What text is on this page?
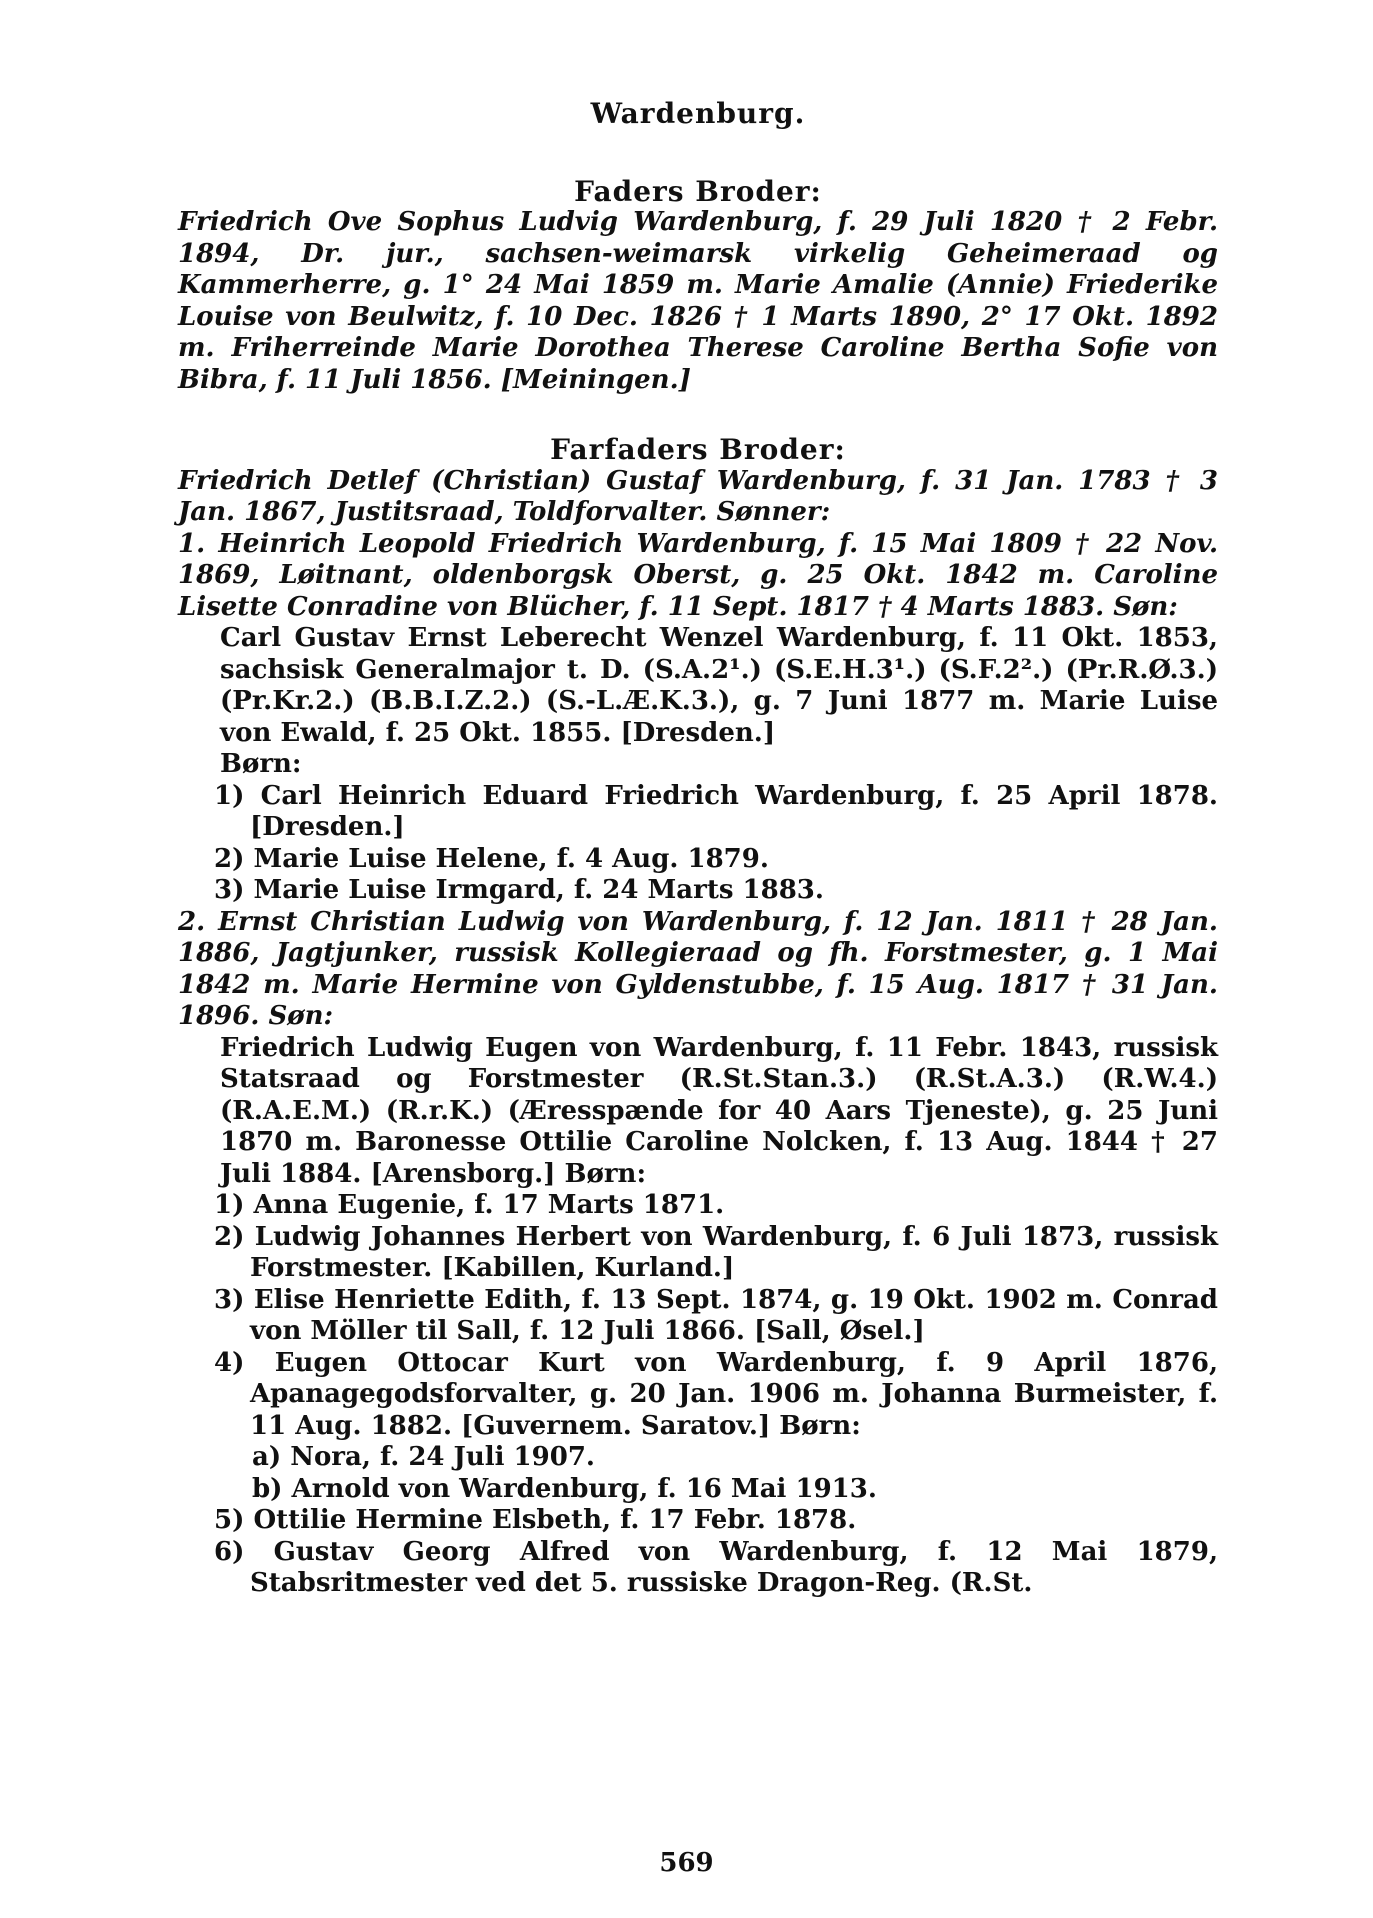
Wardenburg.
Faders Broder:

Friedrich Ove Sophus Ludvig Wardenburg, f. 29 Juli 1820 † 2 Febr. 1894, Dr. jur., sachsen-weimarsk virkelig Geheimeraad og Kammerherre, g. 1° 24 Mai 1859 m. Marie Amalie (Annie) Friederike Louise von Beulwitz, f. 10 Dec. 1826 † 1 Marts 1890, 2° 17 Okt. 1892 m. Friherreinde Marie Dorothea Therese Caroline Bertha Sofie von Bibra, f. 11 Juli 1856. [Meiningen.]

Farfaders Broder:

Friedrich Detlef (Christian) Gustaf Wardenburg, f. 31 Jan. 1783 † 3 Jan. 1867, Justitsraad, Toldforvalter. Sønner:

1. Heinrich Leopold Friedrich Wardenburg, f. 15 Mai 1809 † 22 Nov. 1869, Løitnant, oldenborgsk Oberst, g. 25 Okt. 1842 m. Caroline Lisette Conradine von Blücher, f. 11 Sept. 1817 † 4 Marts 1883. Søn:

Carl Gustav Ernst Leberecht Wenzel Wardenburg, f. 11 Okt. 1853, sachsisk Generalmajor t. D. (S.A.2¹.) (S.E.H.3¹.) (S.F.2².) (Pr.R.Ø.3.) (Pr.Kr.2.) (B.B.I.Z.2.) (S.-L.Æ.K.3.), g. 7 Juni 1877 m. Marie Luise von Ewald, f. 25 Okt. 1855. [Dresden.]

Børn:

1) Carl Heinrich Eduard Friedrich Wardenburg, f. 25 April 1878. [Dresden.]

2) Marie Luise Helene, f. 4 Aug. 1879.

3) Marie Luise Irmgard, f. 24 Marts 1883.

2. Ernst Christian Ludwig von Wardenburg, f. 12 Jan. 1811 † 28 Jan. 1886, Jagtjunker, russisk Kollegieraad og fh. Forstmester, g. 1 Mai 1842 m. Marie Hermine von Gyldenstubbe, f. 15 Aug. 1817 † 31 Jan. 1896. Søn:

Friedrich Ludwig Eugen von Wardenburg, f. 11 Febr. 1843, russisk Statsraad og Forstmester (R.St.Stan.3.) (R.St.A.3.) (R.W.4.) (R.A.E.M.) (R.r.K.) (Æresspænde for 40 Aars Tjeneste), g. 25 Juni 1870 m. Baronesse Ottilie Caroline Nolcken, f. 13 Aug. 1844 † 27 Juli 1884. [Arensborg.] Børn:

1) Anna Eugenie, f. 17 Marts 1871.

2) Ludwig Johannes Herbert von Wardenburg, f. 6 Juli 1873, russisk Forstmester. [Kabillen, Kurland.]

3) Elise Henriette Edith, f. 13 Sept. 1874, g. 19 Okt. 1902 m. Conrad von Möller til Sall, f. 12 Juli 1866. [Sall, Øsel.]

4) Eugen Ottocar Kurt von Wardenburg, f. 9 April 1876, Apanagegodsforvalter, g. 20 Jan. 1906 m. Johanna Burmeister, f. 11 Aug. 1882. [Guvernem. Saratov.] Børn:

a) Nora, f. 24 Juli 1907.

b) Arnold von Wardenburg, f. 16 Mai 1913.

5) Ottilie Hermine Elsbeth, f. 17 Febr. 1878.

6) Gustav Georg Alfred von Wardenburg, f. 12 Mai 1879, Stabsritmester ved det 5. russiske Dragon-Reg. (R.St.

569
